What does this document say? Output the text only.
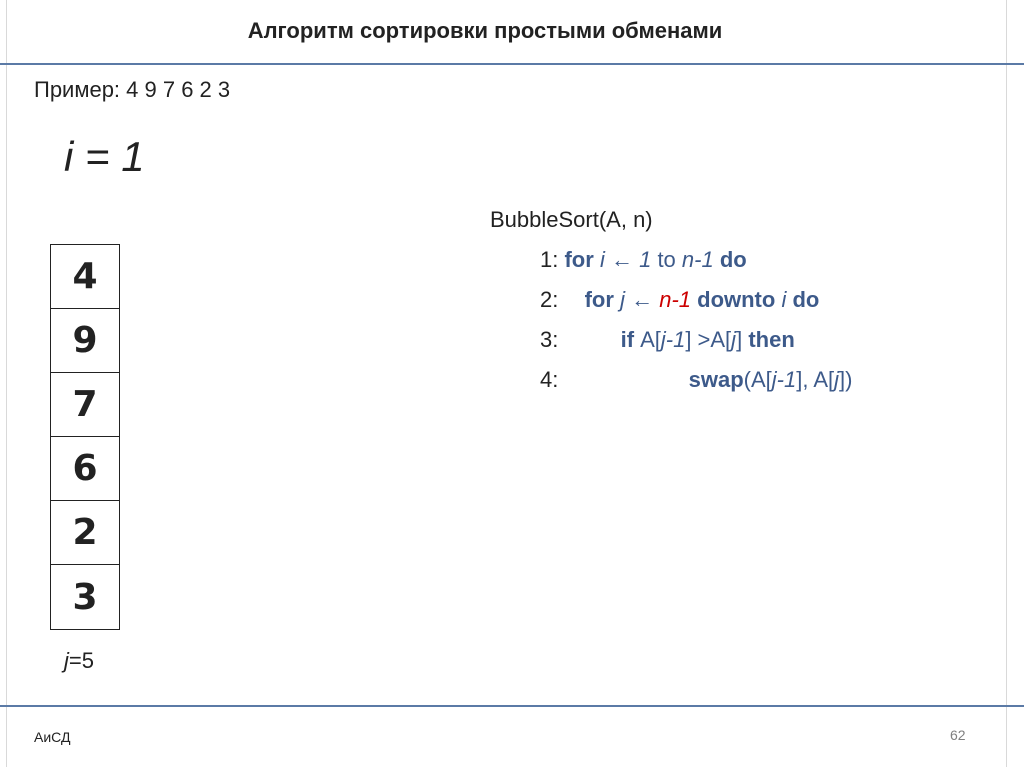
Алгоритм сортировки простыми обменами
Пример: 4 9 7 6 2 3
i = 1
4
9
7
6
2
3
j=5
BubbleSort(A, n)
1: for i ← 1 to n-1 do
2: for j ← n-1 downto i do
3:	if A[j-1] >A[j] then
4:	swap(A[j-1], A[j])
АиСД	62
